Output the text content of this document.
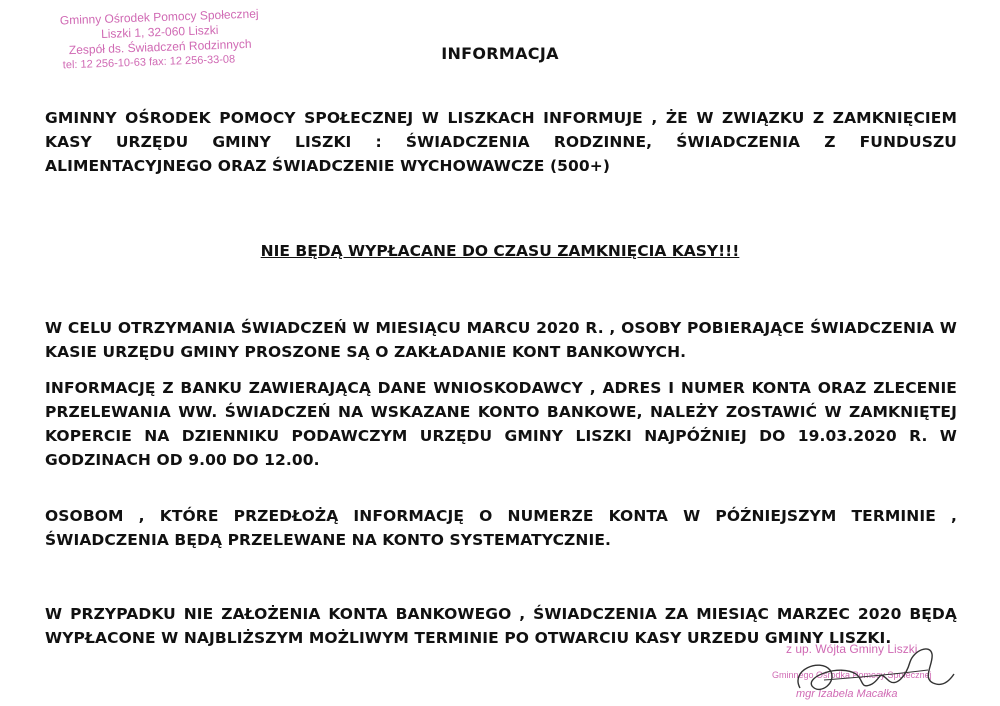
Gminny Ośrodek Pomocy Społecznej
Liszki 1, 32-060 Liszki
Zespół ds. Świadczeń Rodzinnych
tel: 12 256-10-63 fax: 12 256-33-08	INFORMACJA
GMINNY OŚRODEK POMOCY SPOŁECZNEJ W LISZKACH INFORMUJE , ŻE W ZWIĄZKU Z ZAMKNIĘCIEM KASY URZĘDU GMINY LISZKI : ŚWIADCZENIA RODZINNE, ŚWIADCZENIA Z FUNDUSZU ALIMENTACYJNEGO ORAZ ŚWIADCZENIE WYCHOWAWCZE (500+)
NIE BĘDĄ WYPŁACANE DO CZASU ZAMKNIĘCIA KASY!!!
W CELU OTRZYMANIA ŚWIADCZEŃ W MIESIĄCU MARCU 2020 R. , OSOBY POBIERAJĄCE ŚWIADCZENIA W KASIE URZĘDU GMINY PROSZONE SĄ O ZAKŁADANIE KONT BANKOWYCH.
INFORMACJĘ Z BANKU ZAWIERAJĄCĄ DANE WNIOSKODAWCY , ADRES I NUMER KONTA ORAZ ZLECENIE PRZELEWANIA WW. ŚWIADCZEŃ NA WSKAZANE KONTO BANKOWE, NALEŻY ZOSTAWIĆ W ZAMKNIĘTEJ KOPERCIE NA DZIENNIKU PODAWCZYM URZĘDU GMINY LISZKI NAJPÓŹNIEJ DO 19.03.2020 R. W GODZINACH OD 9.00 DO 12.00.
OSOBOM , KTÓRE PRZEDŁOŻĄ INFORMACJĘ O NUMERZE KONTA W PÓŹNIEJSZYM TERMINIE , ŚWIADCZENIA BĘDĄ PRZELEWANE NA KONTO SYSTEMATYCZNIE.
W PRZYPADKU NIE ZAŁOŻENIA KONTA BANKOWEGO , ŚWIADCZENIA ZA MIESIĄC MARZEC 2020 BĘDĄ WYPŁACONE W NAJBLIŻSZYM MOŻLIWYM TERMINIE PO OTWARCIU KASY URZEDU GMINY LISZKI.
z up. Wójta Gminy Liszki
Gminnego Ośrodka Pomocy Społecznej
mgr Izabela Macałka
